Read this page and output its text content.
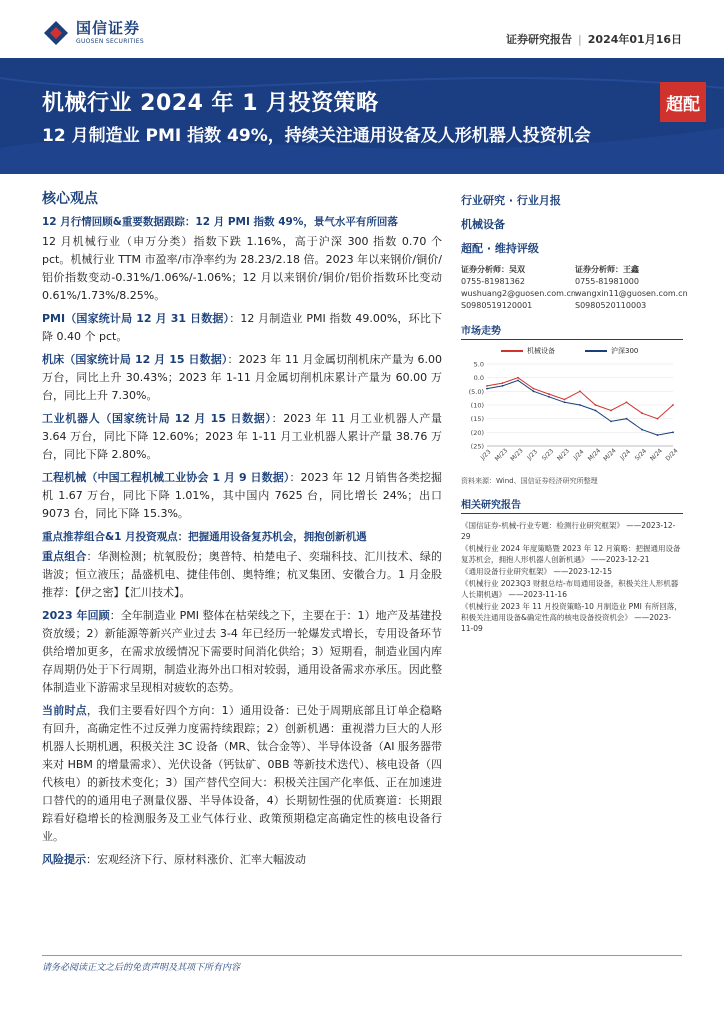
国信证券
GUOSEN SECURITIES	证券研究报告 | 2024年01月16日
机械行业 2024 年 1 月投资策略
12 月制造业 PMI 指数 49%，持续关注通用设备及人形机器人投资机会
超配
核心观点
12 月行情回顾&重要数据跟踪：12 月 PMI 指数 49%，景气水平有所回落

12 月机械行业（申万分类）指数下跌 1.16%，高于沪深 300 指数 0.70 个 pct。机械行业 TTM 市盈率/市净率约为 28.23/2.18 倍。2023 年以来钢价/铜价/铝价指数变动-0.31%/1.06%/-1.06%；12 月以来钢价/铜价/铝价指数环比变动 0.61%/1.73%/8.25%。

PMI（国家统计局 12 月 31 日数据）：12 月制造业 PMI 指数 49.00%，环比下降 0.40 个 pct。

机床（国家统计局 12 月 15 日数据）：2023 年 11 月金属切削机床产量为 6.00 万台，同比上升 30.43%；2023 年 1-11 月金属切削机床累计产量为 60.00 万台，同比上升 7.30%。

工业机器人（国家统计局 12 月 15 日数据）：2023 年 11 月工业机器人产量 3.64 万台，同比下降 12.60%；2023 年 1-11 月工业机器人累计产量 38.76 万台，同比下降 2.80%。

工程机械（中国工程机械工业协会 1 月 9 日数据）：2023 年 12 月销售各类挖掘机 1.67 万台，同比下降 1.01%，其中国内 7625 台，同比增长 24%；出口 9073 台，同比下降 15.3%。

重点推荐组合&1 月投资观点：把握通用设备复苏机会，拥抱创新机遇

重点组合：华测检测；杭氧股份；奥普特、柏楚电子、奕瑞科技、汇川技术、绿的谐波；恒立液压；晶盛机电、捷佳伟创、奥特维；杭叉集团、安徽合力。1 月金股推荐：【伊之密】【汇川技术】。

2023 年回顾：全年制造业 PMI 整体在枯荣线之下，主要在于：1）地产及基建投资放缓；2）新能源等新兴产业过去 3-4 年已经历一轮爆发式增长，专用设备环节供给增加更多，在需求放缓情况下需要时间消化供给；3）短期看，制造业国内库存周期仍处于下行周期，制造业海外出口相对较弱，通用设备需求亦承压。因此整体制造业下游需求呈现相对疲软的态势。

当前时点，我们主要看好四个方向：1）通用设备：已处于周期底部且订单企稳略有回升，高确定性不过反弹力度需持续跟踪；2）创新机遇：重视潜力巨大的人形机器人长期机遇，积极关注 3C 设备（MR、钛合金等）、半导体设备（AI 服务器带来对 HBM 的增量需求）、光伏设备（钙钛矿、0BB 等新技术迭代）、核电设备（四代核电）的新技术变化；3）国产替代空间大：积极关注国产化率低、正在加速进口替代的的通用电子测量仪器、半导体设备，4）长期韧性强的优质赛道：长期跟踪看好稳增长的检测服务及工业气体行业、政策预期稳定高确定性的核电设备行业。

风险提示：宏观经济下行、原材料涨价、汇率大幅波动
行业研究 · 行业月报
机械设备
超配 · 维持评级
证券分析师：吴双
0755-81981362
wushuang2@guosen.com.cn
S0980519120001
证券分析师：王鑫
0755-81981000
wangxin11@guosen.com.cn
S0980520110003
市场走势
机械设备	沪深300
5.0
0.0
(5.0)
(10)
(15)
(20)
(25)
J/23 M/23 M/23 J/23 S/23 N/23 J/24 M/24 M/24 J/24 S/24 N/24 D/24
资料来源：Wind、国信证券经济研究所整理
相关研究报告
《国信证券-机械-行业专题：检测行业研究框架》 ——2023-12-29
《机械行业 2024 年度策略暨 2023 年 12 月策略：把握通用设备复苏机会，拥抱人形机器人创新机遇》 ——2023-12-21
《通用设备行业研究框架》 ——2023-12-15
《机械行业 2023Q3 财报总结-布局通用设备，积极关注人形机器人长期机遇》 ——2023-11-16
《机械行业 2023 年 11 月投资策略-10 月制造业 PMI 有所回落，积极关注通用设备&确定性高的核电设备投资机会》 ——2023-11-09
请务必阅读正文之后的免责声明及其项下所有内容
